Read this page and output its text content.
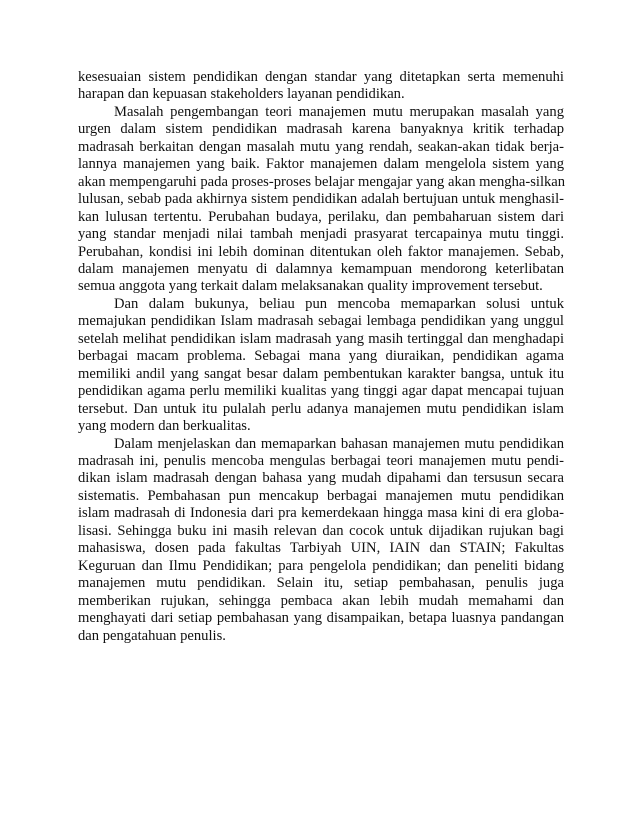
kesesuaian sistem pendidikan dengan standar yang ditetapkan serta memenuhi
harapan dan kepuasan stakeholders layanan pendidikan.

Masalah pengembangan teori manajemen mutu merupakan masalah yang
urgen dalam sistem pendidikan madrasah karena banyaknya kritik terhadap
madrasah berkaitan dengan masalah mutu yang rendah, seakan-akan tidak berja-
lannya manajemen yang baik. Faktor manajemen dalam mengelola sistem yang
akan mempengaruhi pada proses-proses belajar mengajar yang akan mengha-silkan
lulusan, sebab pada akhirnya sistem pendidikan adalah bertujuan untuk menghasil-
kan lulusan tertentu. Perubahan budaya, perilaku, dan pembaharuan sistem dari
yang standar menjadi nilai tambah menjadi prasyarat tercapainya mutu tinggi.
Perubahan, kondisi ini lebih dominan ditentukan oleh faktor manajemen. Sebab,
dalam manajemen menyatu di dalamnya kemampuan mendorong keterlibatan
semua anggota yang terkait dalam melaksanakan quality improvement tersebut.

Dan dalam bukunya, beliau pun mencoba memaparkan solusi untuk
memajukan pendidikan Islam madrasah sebagai lembaga pendidikan yang unggul
setelah melihat pendidikan islam madrasah yang masih tertinggal dan menghadapi
berbagai macam problema. Sebagai mana yang diuraikan, pendidikan agama
memiliki andil yang sangat besar dalam pembentukan karakter bangsa, untuk itu
pendidikan agama perlu memiliki kualitas yang tinggi agar dapat mencapai tujuan
tersebut. Dan untuk itu pulalah perlu adanya manajemen mutu pendidikan islam
yang modern dan berkualitas.

Dalam menjelaskan dan memaparkan bahasan manajemen mutu pendidikan
madrasah ini, penulis mencoba mengulas berbagai teori manajemen mutu pendi-
dikan islam madrasah dengan bahasa yang mudah dipahami dan tersusun secara
sistematis. Pembahasan pun mencakup berbagai manajemen mutu pendidikan
islam madrasah di Indonesia dari pra kemerdekaan hingga masa kini di era globa-
lisasi. Sehingga buku ini masih relevan dan cocok untuk dijadikan rujukan bagi
mahasiswa, dosen pada fakultas Tarbiyah UIN, IAIN dan STAIN; Fakultas
Keguruan dan Ilmu Pendidikan; para pengelola pendidikan; dan peneliti bidang
manajemen mutu pendidikan. Selain itu, setiap pembahasan, penulis juga
memberikan rujukan, sehingga pembaca akan lebih mudah memahami dan
menghayati dari setiap pembahasan yang disampaikan, betapa luasnya pandangan
dan pengatahuan penulis.
